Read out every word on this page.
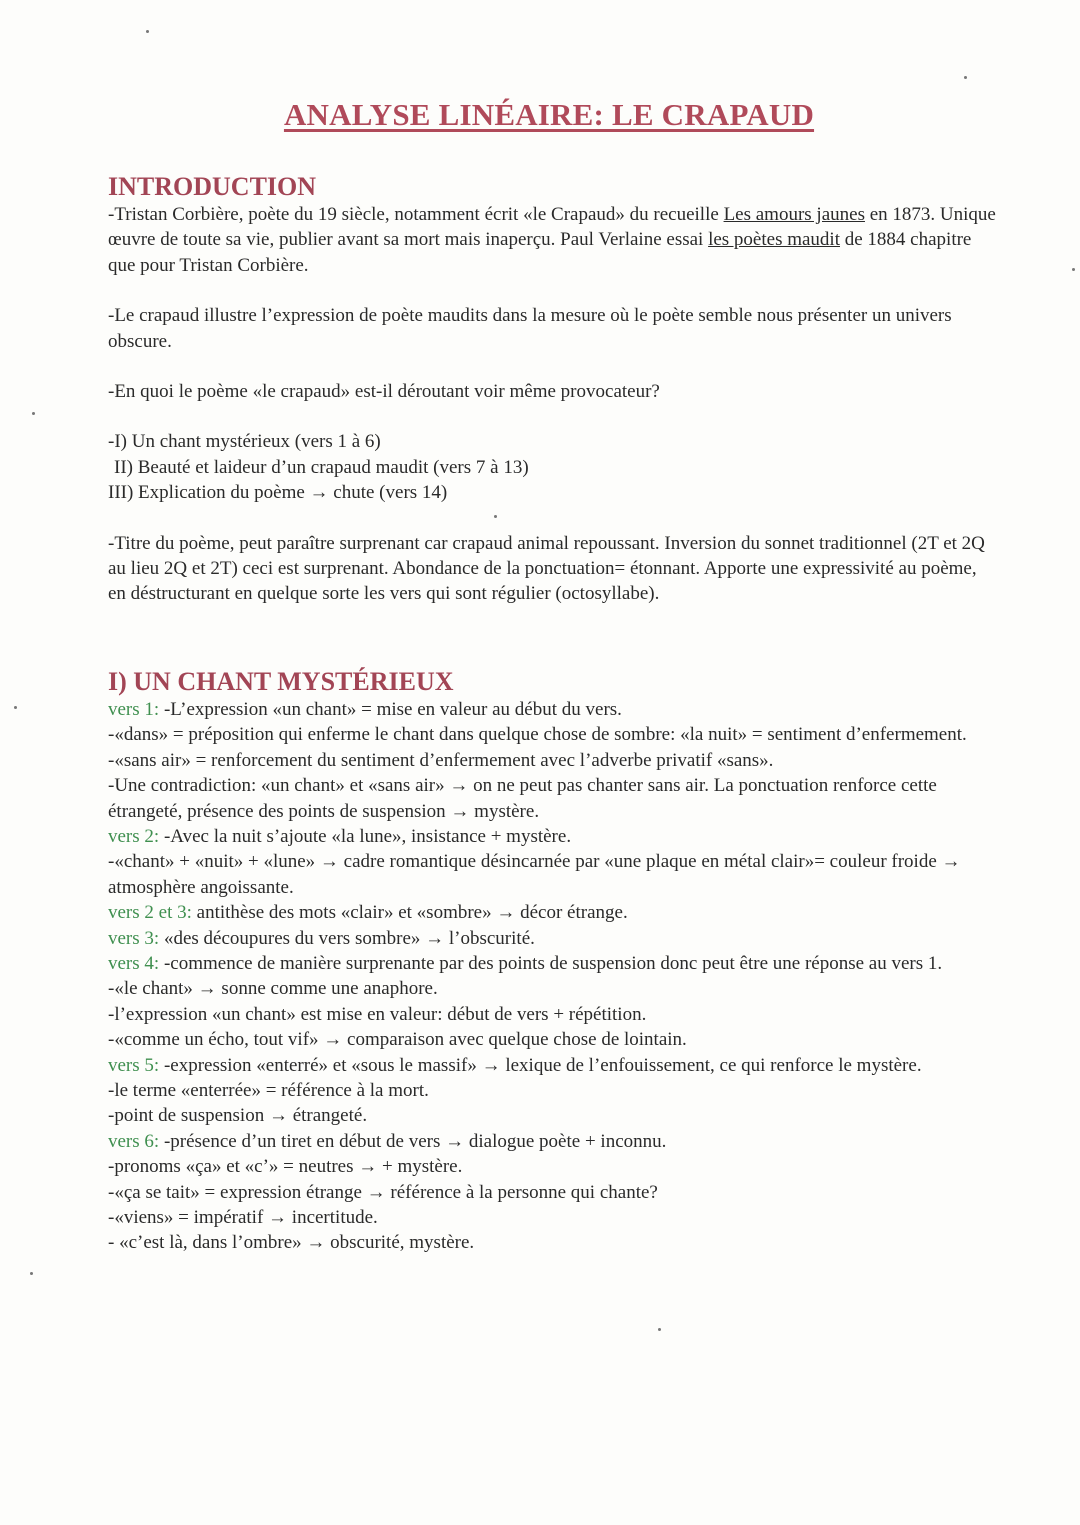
ANALYSE LINÉAIRE: LE CRAPAUD
INTRODUCTION

-Tristan Corbière, poète du 19 siècle, notamment écrit «le Crapaud» du recueille Les amours jaunes en 1873. Unique œuvre de toute sa vie, publier avant sa mort mais inaperçu. Paul Verlaine essai les poètes maudit de 1884 chapitre que pour Tristan Corbière.

-Le crapaud illustre l’expression de poète maudits dans la mesure où le poète semble nous présenter un univers obscure.

-En quoi le poème «le crapaud» est-il déroutant voir même provocateur?

-I) Un chant mystérieux (vers 1 à 6)

II) Beauté et laideur d’un crapaud maudit (vers 7 à 13)

III) Explication du poème → chute (vers 14)

-Titre du poème, peut paraître surprenant car crapaud animal repoussant. Inversion du sonnet traditionnel (2T et 2Q au lieu 2Q et 2T) ceci est surprenant. Abondance de la ponctuation= étonnant. Apporte une expressivité au poème, en déstructurant en quelque sorte les vers qui sont régulier (octosyllabe).

I) UN CHANT MYSTÉRIEUX

vers 1: -L’expression «un chant» = mise en valeur au début du vers.

-«dans» = préposition qui enferme le chant dans quelque chose de sombre: «la nuit» = sentiment d’enfermement.

-«sans air» = renforcement du sentiment d’enfermement avec l’adverbe privatif «sans».

-Une contradiction: «un chant» et «sans air» → on ne peut pas chanter sans air. La ponctuation renforce cette étrangeté, présence des points de suspension → mystère.

vers 2: -Avec la nuit s’ajoute «la lune», insistance + mystère.

-«chant» + «nuit» + «lune» → cadre romantique désincarnée par «une plaque en métal clair»= couleur froide → atmosphère angoissante.

vers 2 et 3: antithèse des mots «clair» et «sombre» → décor étrange.

vers 3: «des découpures du vers sombre» → l’obscurité.

vers 4: -commence de manière surprenante par des points de suspension donc peut être une réponse au vers 1.

-«le chant» → sonne comme une anaphore.

-l’expression «un chant» est mise en valeur: début de vers + répétition.

-«comme un écho, tout vif» → comparaison avec quelque chose de lointain.

vers 5: -expression «enterré» et «sous le massif» → lexique de l’enfouissement, ce qui renforce le mystère.

-le terme «enterrée» = référence à la mort.

-point de suspension → étrangeté.

vers 6: -présence d’un tiret en début de vers → dialogue poète + inconnu.

-pronoms «ça» et «c’» = neutres → + mystère.

-«ça se tait» = expression étrange → référence à la personne qui chante?

-«viens» = impératif → incertitude.

- «c’est là, dans l’ombre» → obscurité, mystère.
